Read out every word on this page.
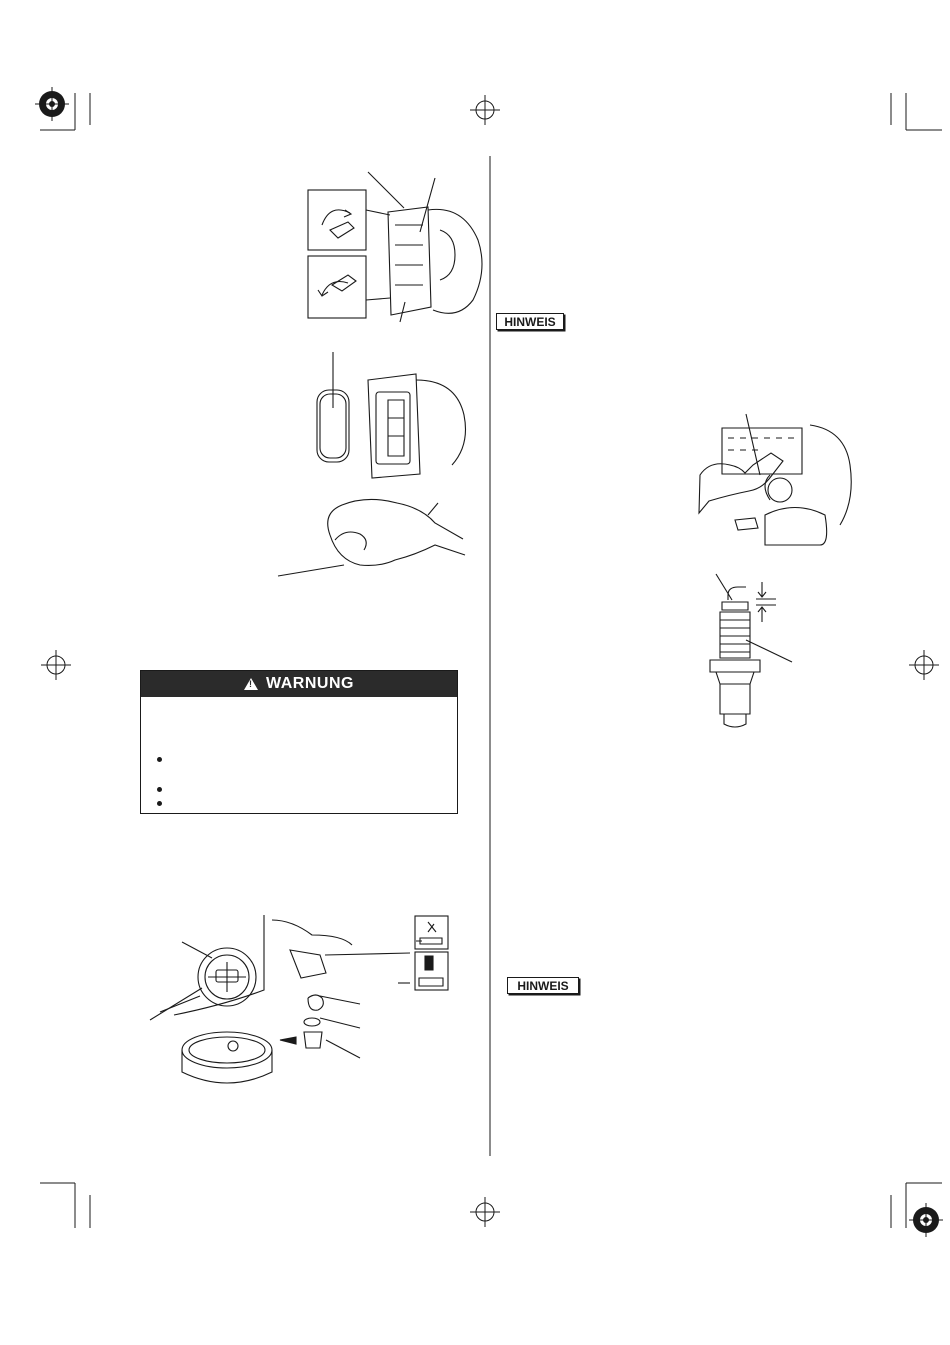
!
WARNUNG
HINWEIS
HINWEIS
